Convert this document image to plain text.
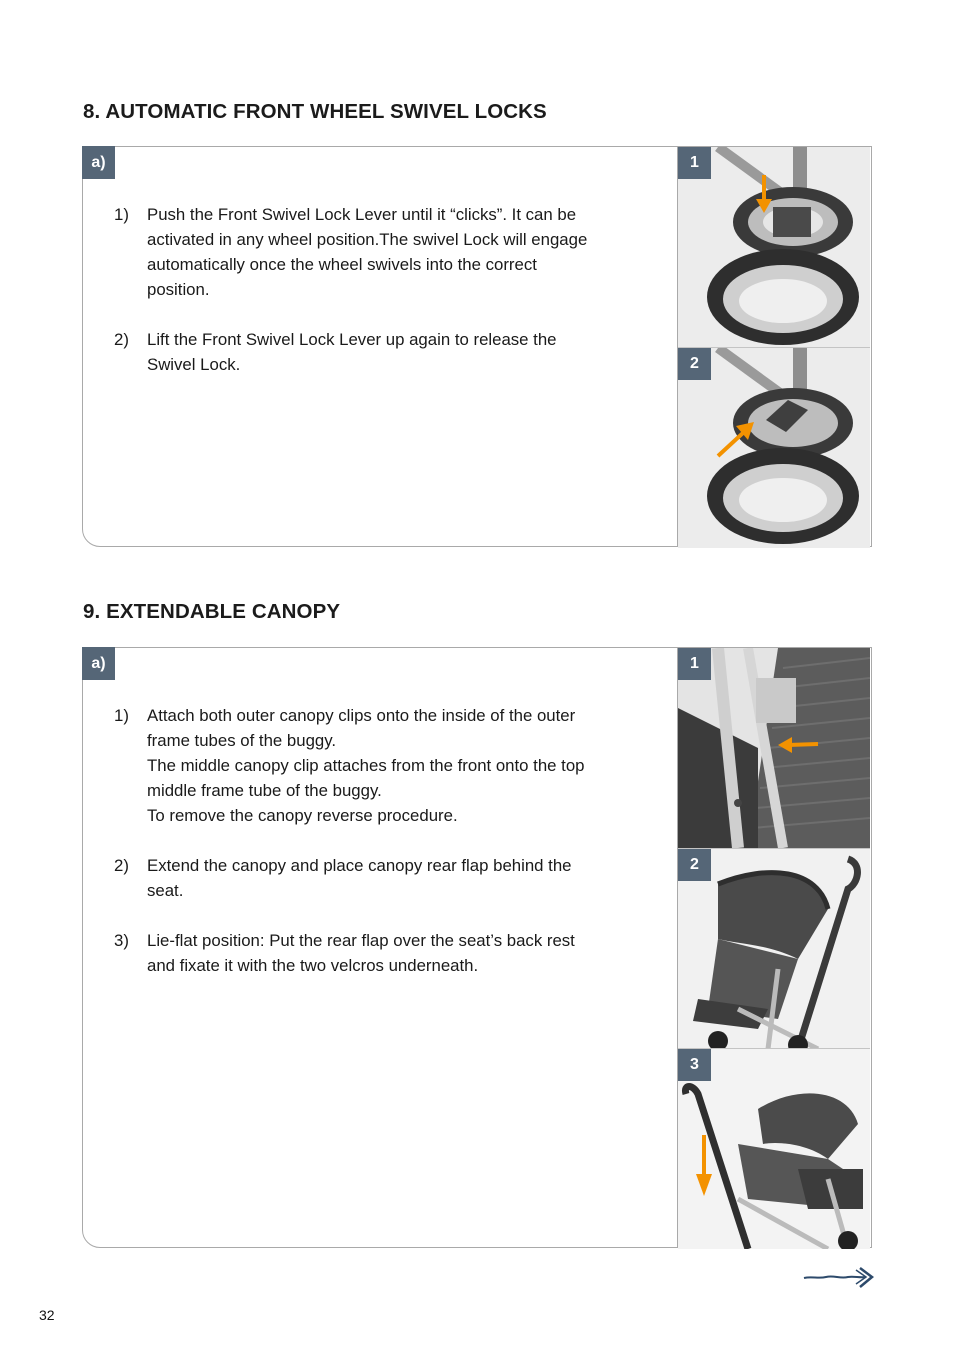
8. AUTOMATIC FRONT WHEEL SWIVEL LOCKS
a)
1) Push the Front Swivel Lock Lever until it “clicks”. It can be
activated in any wheel position.The swivel Lock will engage
automatically once the wheel swivels into the correct
position.
2) Lift the Front Swivel Lock Lever up again to release the
Swivel Lock.
1
2
9. EXTENDABLE CANOPY
a)
1) Attach both outer canopy clips onto the inside of the outer
frame tubes of the buggy.
The middle canopy clip attaches from the front onto the top
middle frame tube of the buggy.
To remove the canopy reverse procedure.
2) Extend the canopy and place canopy rear flap behind the
seat.
3) Lie-flat position: Put the rear flap over the seat’s back rest
and fixate it with the two velcros underneath.
1
2
3
32
